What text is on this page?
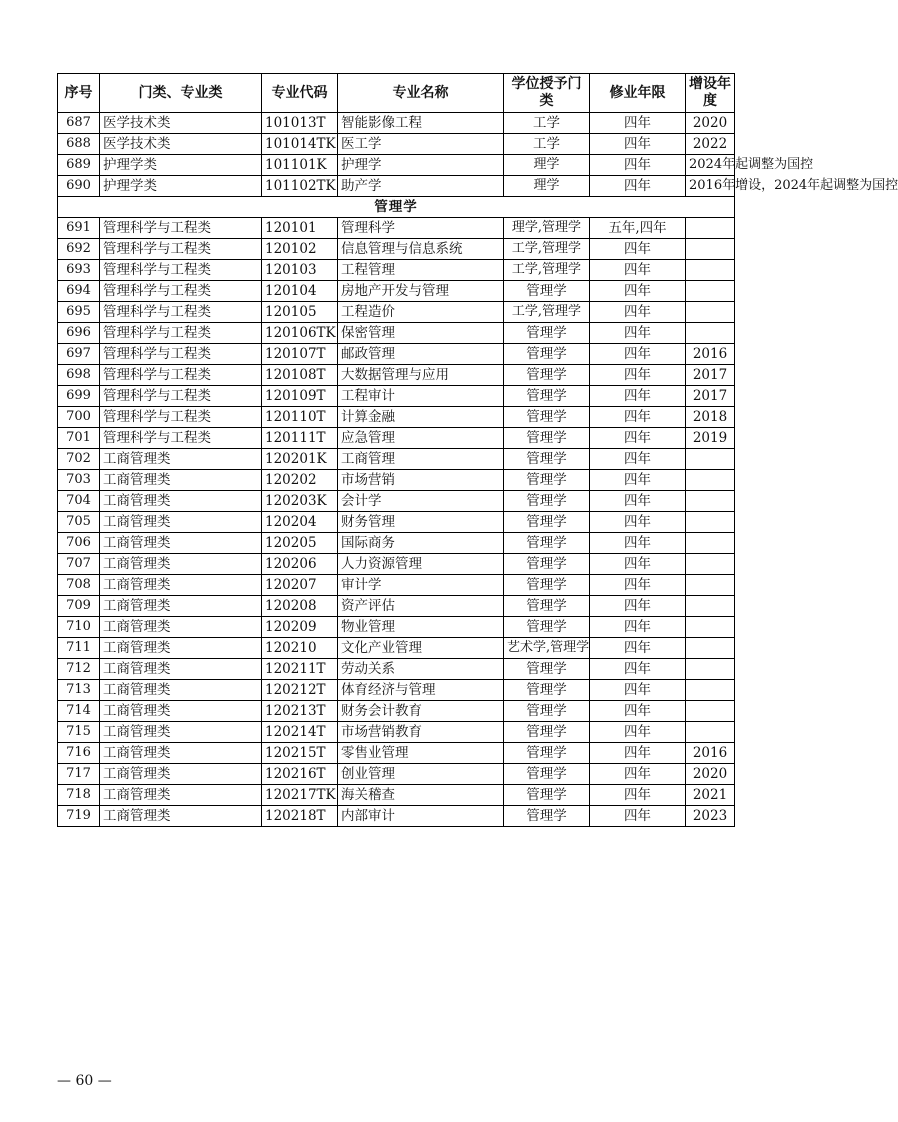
序号	门类、专业类	专业代码	专业名称	学位授予门类	修业年限	增设年度
687	医学技术类	101013T	智能影像工程	工学	四年	2020
688	医学技术类	101014TK	医工学	工学	四年	2022
689	护理学类	101101K	护理学	理学	四年	2024年起调整为国控
690	护理学类	101102TK	助产学	理学	四年	2016年增设，2024年起调整为国控
管理学						
691	管理科学与工程类	120101	管理科学	理学,管理学	五年,四年	
692	管理科学与工程类	120102	信息管理与信息系统	工学,管理学	四年	
693	管理科学与工程类	120103	工程管理	工学,管理学	四年	
694	管理科学与工程类	120104	房地产开发与管理	管理学	四年	
695	管理科学与工程类	120105	工程造价	工学,管理学	四年	
696	管理科学与工程类	120106TK	保密管理	管理学	四年	
697	管理科学与工程类	120107T	邮政管理	管理学	四年	2016
698	管理科学与工程类	120108T	大数据管理与应用	管理学	四年	2017
699	管理科学与工程类	120109T	工程审计	管理学	四年	2017
700	管理科学与工程类	120110T	计算金融	管理学	四年	2018
701	管理科学与工程类	120111T	应急管理	管理学	四年	2019
702	工商管理类	120201K	工商管理	管理学	四年	
703	工商管理类	120202	市场营销	管理学	四年	
704	工商管理类	120203K	会计学	管理学	四年	
705	工商管理类	120204	财务管理	管理学	四年	
706	工商管理类	120205	国际商务	管理学	四年	
707	工商管理类	120206	人力资源管理	管理学	四年	
708	工商管理类	120207	审计学	管理学	四年	
709	工商管理类	120208	资产评估	管理学	四年	
710	工商管理类	120209	物业管理	管理学	四年	
711	工商管理类	120210	文化产业管理	艺术学,管理学	四年	
712	工商管理类	120211T	劳动关系	管理学	四年	
713	工商管理类	120212T	体育经济与管理	管理学	四年	
714	工商管理类	120213T	财务会计教育	管理学	四年	
715	工商管理类	120214T	市场营销教育	管理学	四年	
716	工商管理类	120215T	零售业管理	管理学	四年	2016
717	工商管理类	120216T	创业管理	管理学	四年	2020
718	工商管理类	120217TK	海关稽查	管理学	四年	2021
719	工商管理类	120218T	内部审计	管理学	四年	2023
— 60 —
